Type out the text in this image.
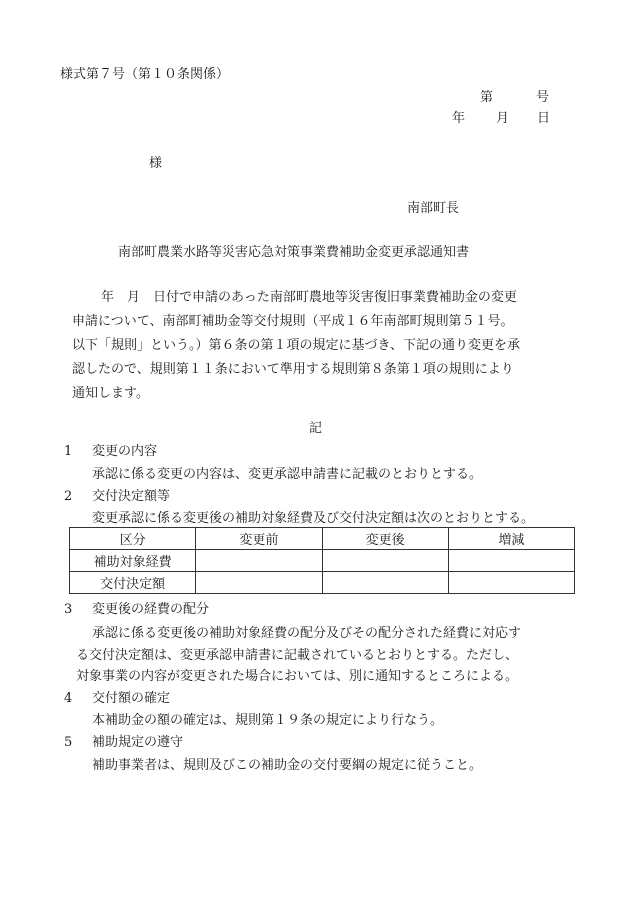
様式第７号（第１０条関係）
第	号
年 月 日
様
南部町長
南部町農業水路等災害応急対策事業費補助金変更承認通知書
　年　月　日付で申請のあった南部町農地等災害復旧事業費補助金の変更
申請について、南部町補助金等交付規則（平成１６年南部町規則第５１号。
以下「規則」という。）第６条の第１項の規定に基づき、下記の通り変更を承
認したので、規則第１１条において準用する規則第８条第１項の規則により
通知します。
記
1 変更の内容
承認に係る変更の内容は、変更承認申請書に記載のとおりとする。
2 交付決定額等
変更承認に係る変更後の補助対象経費及び交付決定額は次のとおりとする。
区分	変更前	変更後	増減
補助対象経費			
交付決定額			
3 変更後の経費の配分
承認に係る変更後の補助対象経費の配分及びその配分された経費に対応す
る交付決定額は、変更承認申請書に記載されているとおりとする。ただし、
対象事業の内容が変更された場合においては、別に通知するところによる。
4 交付額の確定
本補助金の額の確定は、規則第１９条の規定により行なう。
5 補助規定の遵守
補助事業者は、規則及びこの補助金の交付要綱の規定に従うこと。
